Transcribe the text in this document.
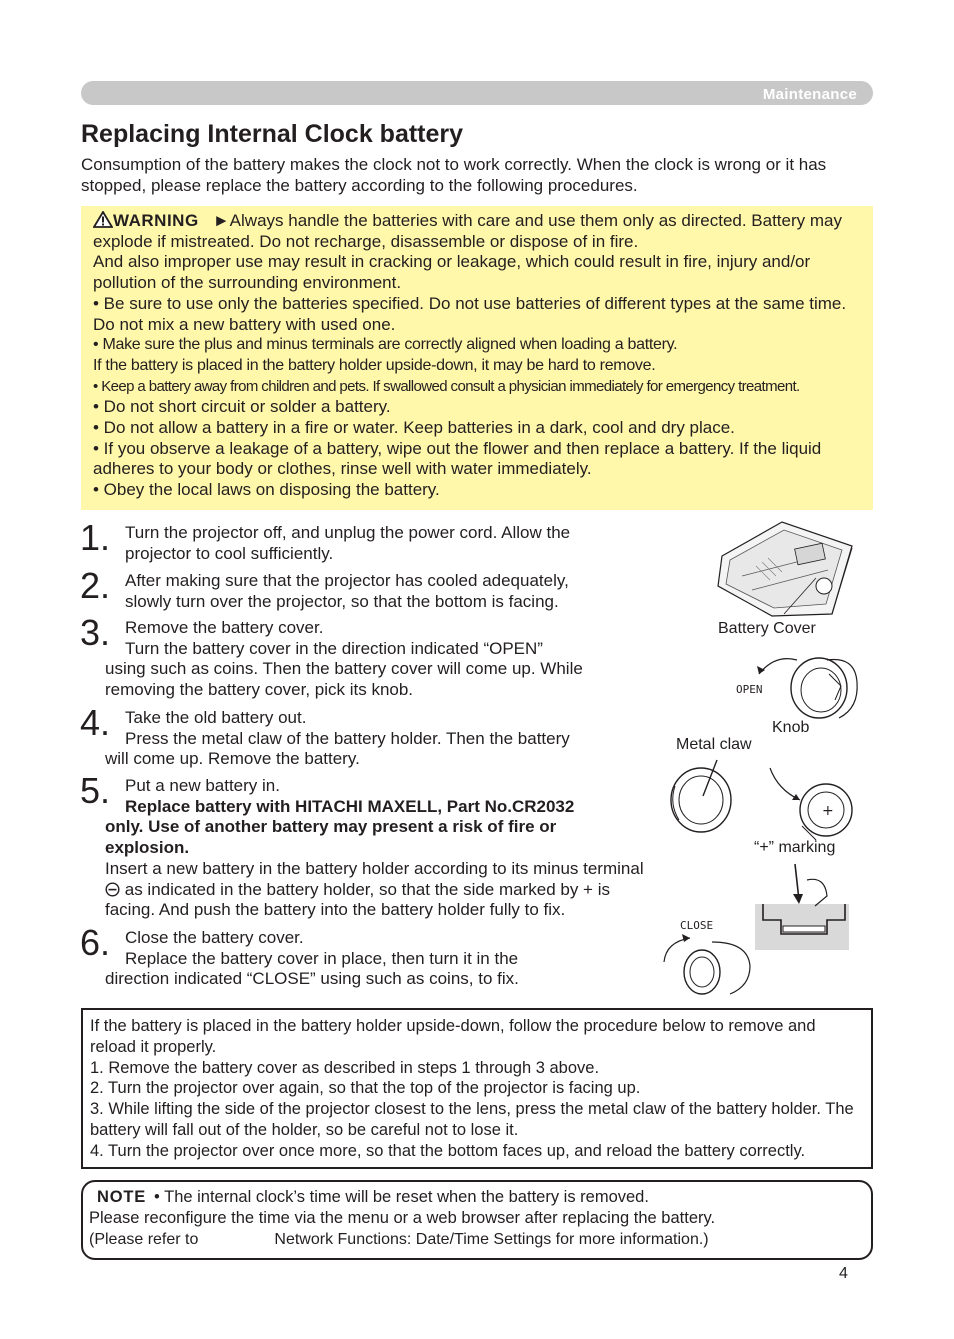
Maintenance
Replacing Internal Clock battery

Consumption of the battery makes the clock not to work correctly. When the clock is wrong or it has stopped, please replace the battery according to the following procedures.

WARNING ►Always handle the batteries with care and use them only as directed. Battery may explode if mistreated. Do not recharge, disassemble or dispose of in fire.

And also improper use may result in cracking or leakage, which could result in fire, injury and/or pollution of the surrounding environment.

• Be sure to use only the batteries specified. Do not use batteries of different types at the same time. Do not mix a new battery with used one.

• Make sure the plus and minus terminals are correctly aligned when loading a battery.

If the battery is placed in the battery holder upside-down, it may be hard to remove.

• Keep a battery away from children and pets. If swallowed consult a physician immediately for emergency treatment.

• Do not short circuit or solder a battery.

• Do not allow a battery in a fire or water. Keep batteries in a dark, cool and dry place.

• If you observe a leakage of a battery, wipe out the flower and then replace a battery. If the liquid adheres to your body or clothes, rinse well with water immediately.

• Obey the local laws on disposing the battery.

1.
2.
3.
4.
5.
6.

Turn the projector off, and unplug the power cord. Allow the

projector to cool sufficiently.

After making sure that the projector has cooled adequately,

slowly turn over the projector, so that the bottom is facing.

Remove the battery cover.

Turn the battery cover in the direction indicated “OPEN”

using such as coins. Then the battery cover will come up. While

removing the battery cover, pick its knob.

Take the old battery out.

Press the metal claw of the battery holder. Then the battery

will come up. Remove the battery.

Put a new battery in.

Replace battery with HITACHI MAXELL, Part No.CR2032

only. Use of another battery may present a risk of fire or

explosion.

Insert a new battery in the battery holder according to its minus terminal

as indicated in the battery holder, so that the side marked by + is

facing. And push the battery into the battery holder fully to fix.

Close the battery cover.

Replace the battery cover in place, then turn it in the

direction indicated “CLOSE” using such as coins, to fix.

Battery Cover
OPEN
Knob
Metal claw
+
“+” marking
CLOSE

If the battery is placed in the battery holder upside-down, follow the procedure below to remove and reload it properly.

1. Remove the battery cover as described in steps 1 through 3 above.

2. Turn the projector over again, so that the top of the projector is facing up.

3. While lifting the side of the projector closest to the lens, press the metal claw of the battery holder. The battery will fall out of the holder, so be careful not to lose it.

4. Turn the projector over once more, so that the bottom faces up, and reload the battery correctly.

NOTE • The internal clock’s time will be reset when the battery is removed.

Please reconfigure the time via the menu or a web browser after replacing the battery.

(Please refer to	Network Functions: Date/Time Settings for more information.)

4
